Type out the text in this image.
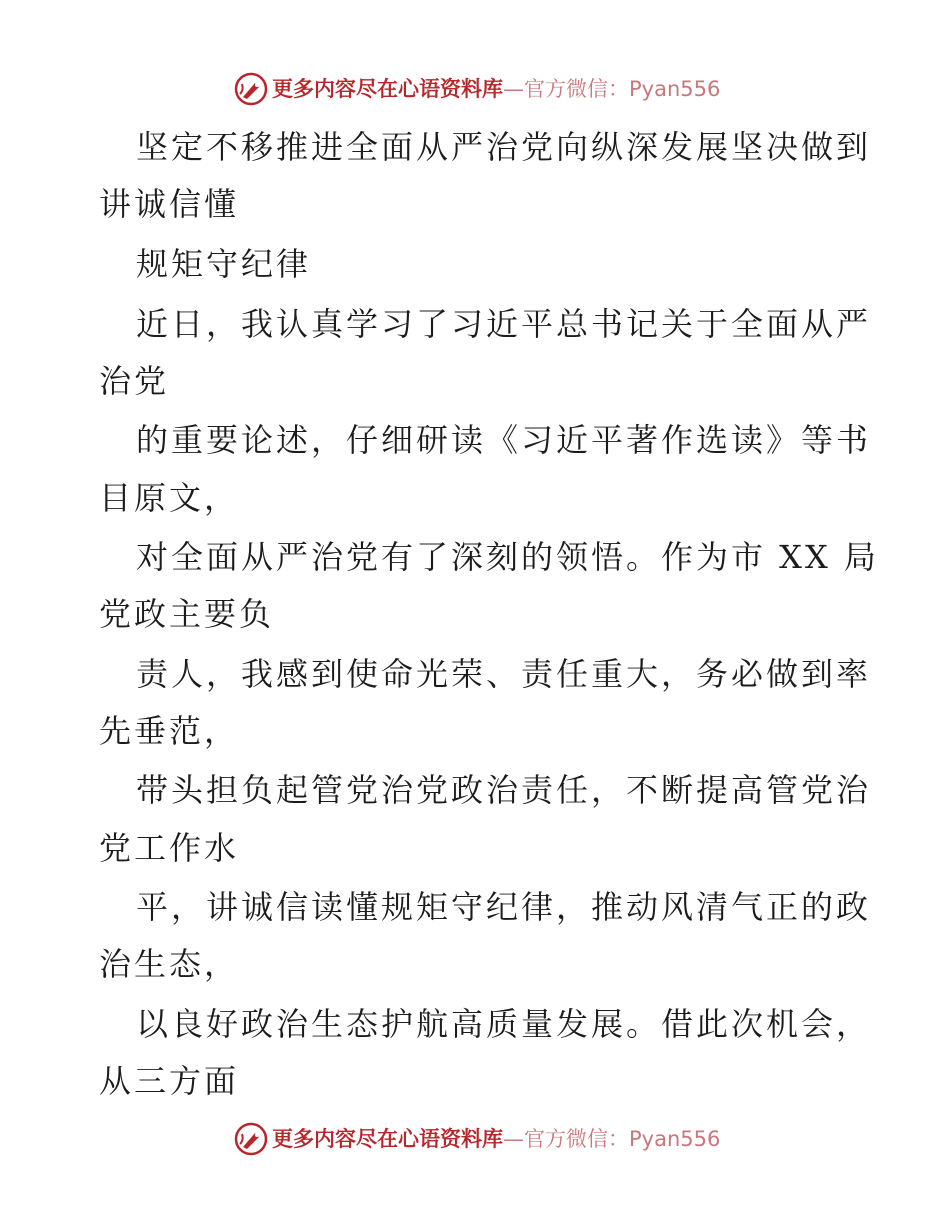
更多内容尽在心语资料库—官方微信：Pyan556
坚定不移推进全面从严治党向纵深发展坚决做到
讲诚信懂
规矩守纪律
近日，我认真学习了习近平总书记关于全面从严
治党
的重要论述，仔细研读《习近平著作选读》等书
目原文，
对全面从严治党有了深刻的领悟。作为市 XX 局
党政主要负
责人，我感到使命光荣、责任重大，务必做到率
先垂范，
带头担负起管党治党政治责任，不断提高管党治
党工作水
平，讲诚信读懂规矩守纪律，推动风清气正的政
治生态，
以良好政治生态护航高质量发展。借此次机会，
从三方面
更多内容尽在心语资料库—官方微信：Pyan556
